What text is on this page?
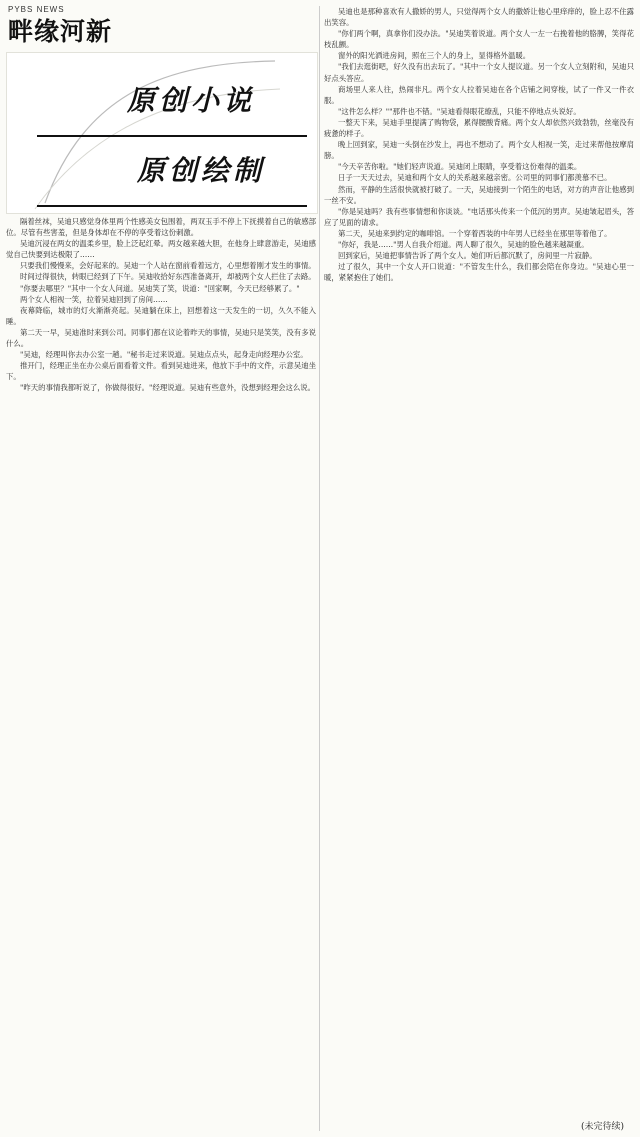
PYBS NEWS
畔缘河新
原创小说
原创绘制

隔着丝袜，吴迪只感觉身体里两个性感美女包围着，两双玉手不停上下抚摸着自己的敏感部位。尽管有些害羞，但是身体却在不停的享受着这份刺激。

吴迪沉浸在两女的温柔乡里，脸上泛起红晕。两女越来越大胆，在他身上肆意游走，吴迪感觉自己快要到达极限了……

只要我们慢慢来，会好起来的。吴迪一个人站在窗前看着远方，心里想着刚才发生的事情。

时间过得很快，转眼已经到了下午。吴迪收拾好东西准备离开，却被两个女人拦住了去路。

"你要去哪里？"其中一个女人问道。吴迪笑了笑，说道："回家啊，今天已经够累了。"

两个女人相视一笑，拉着吴迪回到了房间……

夜幕降临，城市的灯火渐渐亮起。吴迪躺在床上，回想着这一天发生的一切，久久不能入睡。

第二天一早，吴迪准时来到公司。同事们都在议论着昨天的事情，吴迪只是笑笑，没有多说什么。

"吴迪，经理叫你去办公室一趟。"秘书走过来说道。吴迪点点头，起身走向经理办公室。

推开门，经理正坐在办公桌后面看着文件。看到吴迪进来，他放下手中的文件，示意吴迪坐下。

"昨天的事情我都听说了，你做得很好。"经理说道。吴迪有些意外，没想到经理会这么说。

吴迪也是那种喜欢有人撒娇的男人，只觉得两个女人的撒娇让他心里痒痒的，脸上忍不住露出笑容。

"你们两个啊，真拿你们没办法。"吴迪笑着说道。两个女人一左一右挽着他的胳膊，笑得花枝乱颤。

窗外的阳光洒进房间，照在三个人的身上，显得格外温暖。

"我们去逛街吧，好久没有出去玩了。"其中一个女人提议道。另一个女人立刻附和，吴迪只好点头答应。

商场里人来人往，热闹非凡。两个女人拉着吴迪在各个店铺之间穿梭，试了一件又一件衣服。

"这件怎么样？""那件也不错。"吴迪看得眼花缭乱，只能不停地点头说好。

一整天下来，吴迪手里提满了购物袋，累得腰酸背痛。两个女人却依然兴致勃勃，丝毫没有疲惫的样子。

晚上回到家，吴迪一头倒在沙发上，再也不想动了。两个女人相视一笑，走过来帮他按摩肩膀。

"今天辛苦你啦。"她们轻声说道。吴迪闭上眼睛，享受着这份难得的温柔。

日子一天天过去，吴迪和两个女人的关系越来越亲密。公司里的同事们都羡慕不已。

然而，平静的生活很快就被打破了。一天，吴迪接到一个陌生的电话，对方的声音让他感到一丝不安。

"你是吴迪吗？我有些事情想和你谈谈。"电话那头传来一个低沉的男声。吴迪皱起眉头，答应了见面的请求。

第二天，吴迪来到约定的咖啡馆。一个穿着西装的中年男人已经坐在那里等着他了。

"你好，我是……"男人自我介绍道。两人聊了很久，吴迪的脸色越来越凝重。

回到家后，吴迪把事情告诉了两个女人。她们听后都沉默了，房间里一片寂静。

过了很久，其中一个女人开口说道："不管发生什么，我们都会陪在你身边。"吴迪心里一暖，紧紧抱住了她们。

(未完待续)
